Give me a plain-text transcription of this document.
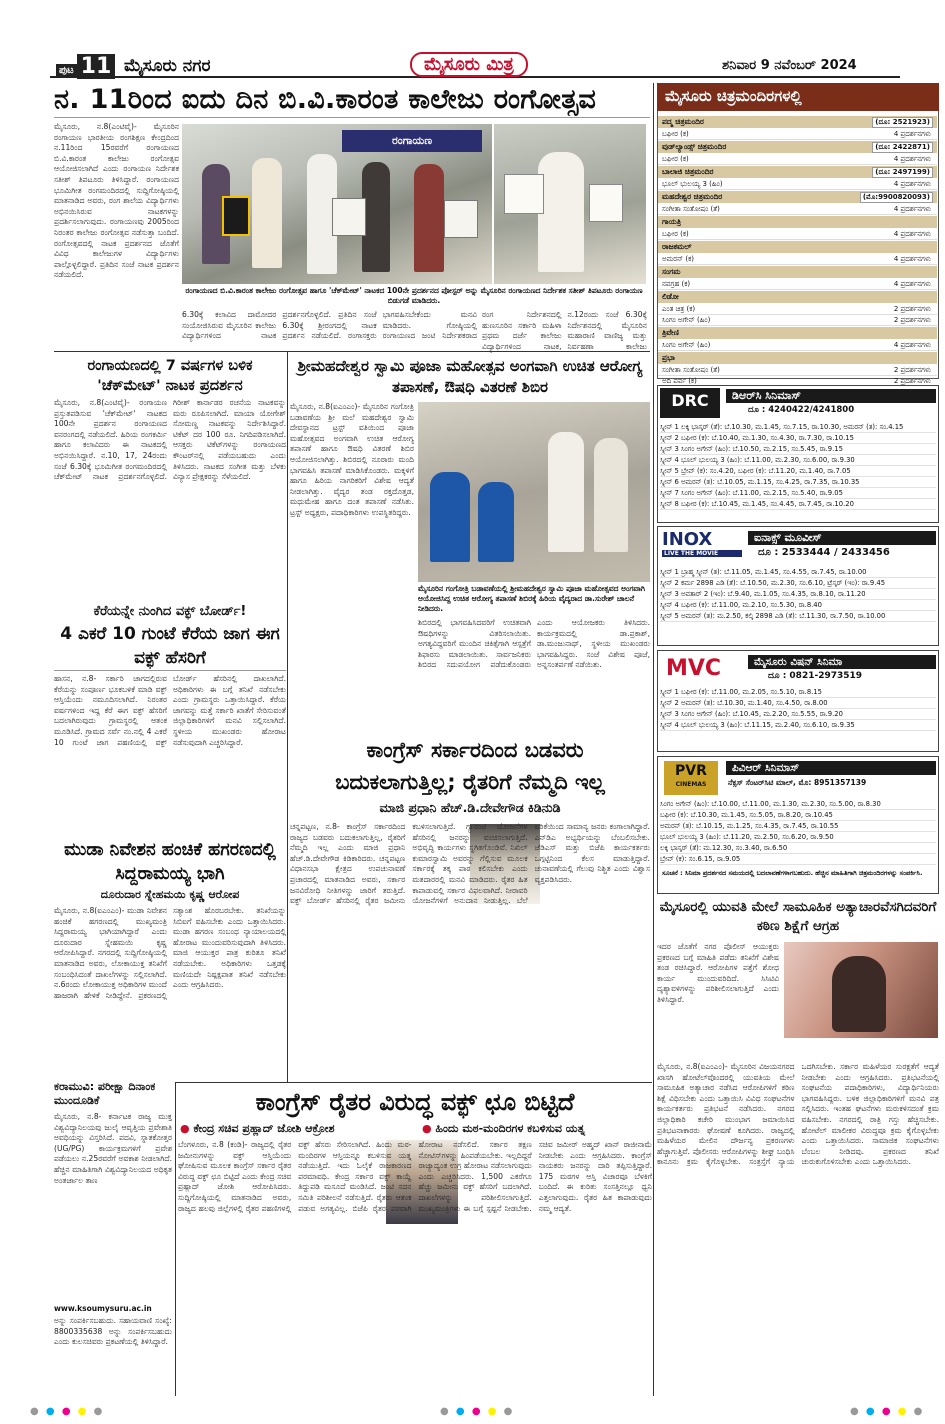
ಪುಟ 11 ಮೈಸೂರು ನಗರ	ಮೈಸೂರು ಮಿತ್ರ	ಶನಿವಾರ 9 ನವೆಂಬರ್ 2024
ನ. 11ರಿಂದ ಐದು ದಿನ ಬಿ.ವಿ.ಕಾರಂತ ಕಾಲೇಜು ರಂಗೋತ್ಸವ
ಮೈಸೂರು, ನ.8(ಎಂಟಿವೈ)- ಮೈಸೂರಿನ ರಂಗಾಯಣ ಭಾರತೀಯ ರಂಗಶಿಕ್ಷಣ ಕೇಂದ್ರದಿಂದ ನ.11ರಿಂದ 15ರವರೆಗೆ ರಂಗಾಯಣದ ಬಿ.ವಿ.ಕಾರಂತ ಕಾಲೇಜು ರಂಗೋತ್ಸವ ಆಯೋಜಿಸಲಾಗಿದೆ ಎಂದು ರಂಗಾಯಣ ನಿರ್ದೇಶಕ ಸತೀಶ್ ತಿಪಟೂರು ತಿಳಿಸಿದ್ದಾರೆ. ರಂಗಾಯಣದ ಭೂಮಿಗೀತ ರಂಗಮಂದಿರದಲ್ಲಿ ಸುದ್ದಿಗೋಷ್ಠಿಯಲ್ಲಿ ಮಾತನಾಡಿದ ಅವರು, ರಂಗ ಶಾಲೆಯ ವಿದ್ಯಾರ್ಥಿಗಳು ಅಭಿನಯಿಸಿರುವ ನಾಟಕಗಳನ್ನು ಪ್ರದರ್ಶಿಸಲಾಗುವುದು. ರಂಗಾಯಣವು 2005ರಿಂದ ನಿರಂತರ ಕಾಲೇಜು ರಂಗೋತ್ಸವ ನಡೆಸುತ್ತಾ ಬಂದಿದೆ. ರಂಗೋತ್ಸವದಲ್ಲಿ ನಾಟಕ ಪ್ರದರ್ಶನದ ಜೊತೆಗೆ ವಿವಿಧ ಕಾಲೇಜುಗಳ ವಿದ್ಯಾರ್ಥಿಗಳು ಪಾಲ್ಗೊಳ್ಳಲಿದ್ದಾರೆ. ಪ್ರತಿದಿನ ಸಂಜೆ ನಾಟಕ ಪ್ರದರ್ಶನ ನಡೆಯಲಿದೆ.
ರಂಗಾಯಣ
ರಂಗಾಯಣದ ಬಿ.ವಿ.ಕಾರಂತ ಕಾಲೇಜು ರಂಗೋತ್ಸವ ಹಾಗೂ 'ಚೆಕ್‌ಮೇಟ್' ನಾಟಕದ 100ನೇ ಪ್ರದರ್ಶನದ ಪೋಸ್ಟರ್ ಅನ್ನು ಮೈಸೂರಿನ ರಂಗಾಯಣದ ನಿರ್ದೇಶಕ ಸತೀಶ್ ತಿಪಟೂರು ರಂಗಾಯಣ ಬಿಡುಗಡೆ ಮಾಡಿದರು.
6.30ಕ್ಕೆ ಕಲಾವಿದ ದಾಮೋದರ ಸಂಯೋಜಿಸಿರುವ ಮೈಸೂರಿನ ಕಾಲೇಜು ವಿದ್ಯಾರ್ಥಿಗಳಿಂದ ನಾಟಕ ಪ್ರದರ್ಶನಗೊಳ್ಳಲಿದೆ. ಪ್ರತಿದಿನ ಸಂಜೆ 6.30ಕ್ಕೆ ಶ್ರೀರಂಗದಲ್ಲಿ ನಾಟಕ ಪ್ರದರ್ಶನ ನಡೆಯಲಿದೆ. ರಂಗಾಸಕ್ತರು ಭಾಗವಹಿಸಬೇಕೆಂದು ಮನವಿ ಮಾಡಿದರು. ಗೋಷ್ಠಿಯಲ್ಲಿ ರಂಗಾಯಣದ ಜಂಟಿ ನಿರ್ದೇಶಕರಾದ
ರಂಗ ನಿರ್ದೇಶನದಲ್ಲಿ ಹುಣಸೂರಿನ ಸರ್ಕಾರಿ ಮಹಿಳಾ ಪ್ರಥಮ ದರ್ಜೆ ಕಾಲೇಜು ವಿದ್ಯಾರ್ಥಿಗಳಿಂದ ನಾಟಕ, ನ.12ರಂದು ಸಂಜೆ 6.30ಕ್ಕೆ ನಿರ್ದೇಶನದಲ್ಲಿ ಮೈಸೂರಿನ ಮಹಾರಾಣಿ ವಾಣಿಜ್ಯ ಮತ್ತು ನಿರ್ವಹಣಾ ಕಾಲೇಜು
ರಂಗಾಯಣದಲ್ಲಿ 7 ವರ್ಷಗಳ ಬಳಿಕ 'ಚೆಕ್‌ಮೇಟ್' ನಾಟಕ ಪ್ರದರ್ಶನ
ಮೈಸೂರು, ನ.8(ಎಂಟಿವೈ)- ರಂಗಾಯಣ ಪ್ರಸ್ತುತಪಡಿಸುವ 'ಚೆಕ್‌ಮೇಟ್' ನಾಟಕದ 100ನೇ ಪ್ರದರ್ಶನ ರಂಗಾಯಣದ ವನರಂಗದಲ್ಲಿ ನಡೆಯಲಿದೆ. ಹಿರಿಯ ರಂಗಕರ್ಮಿ ಹಾಗೂ ಕಲಾವಿದರು ಈ ನಾಟಕದಲ್ಲಿ ಅಭಿನಯಿಸಿದ್ದಾರೆ. ನ.10, 17, 24ರಂದು ಸಂಜೆ 6.30ಕ್ಕೆ ಭೂಮಿಗೀತ ರಂಗಮಂದಿರದಲ್ಲಿ ಚೆಕ್‌ಮೇಟ್ ನಾಟಕ ಪ್ರದರ್ಶನಗೊಳ್ಳಲಿದೆ. ಗಿರೀಶ್ ಕಾರ್ನಾಡರ ರಚನೆಯ ನಾಟಕವನ್ನು ಮರು ರೂಪಿಸಲಾಗಿದೆ. ಮಾಯಾ ಯೋಗೇಶ್ ಸೋಮಣ್ಣ ನಾಟಕವನ್ನು ನಿರ್ದೇಶಿಸಿದ್ದಾರೆ. ಟಿಕೆಟ್ ದರ 100 ರೂ. ನಿಗದಿಪಡಿಸಲಾಗಿದೆ. ಆಸಕ್ತರು ಟಿಕೆಟ್‌ಗಳನ್ನು ರಂಗಾಯಣದ ಕೌಂಟರ್‌ನಲ್ಲಿ ಪಡೆಯಬಹುದು ಎಂದು ತಿಳಿಸಿದರು. ನಾಟಕದ ಸಂಗೀತ ಮತ್ತು ಬೆಳಕು ವಿನ್ಯಾಸ ಪ್ರೇಕ್ಷಕರನ್ನು ಸೆಳೆಯಲಿದೆ.
ಕೆರೆಯನ್ನೇ ನುಂಗಿದ ವಕ್ಫ್ ಬೋರ್ಡ್!
4 ಎಕರೆ 10 ಗುಂಟೆ ಕೆರೆಯ ಜಾಗ ಈಗ ವಕ್ಫ್ ಹೆಸರಿಗೆ
ಹಾಸನ, ನ.8- ಸರ್ಕಾರಿ ಜಾಗದಲ್ಲಿರುವ ಕೆರೆಯನ್ನು ಸಂಪೂರ್ಣ ಭೂಕಬಳಿಕೆ ಮಾಡಿ ವಕ್ಫ್ ಆಸ್ತಿಯೆಂದು ನಮೂದಿಸಲಾಗಿದೆ. ನಿರಂತರ ವರ್ಷಗಳಿಂದ ಇದ್ದ ಕೆರೆ ಈಗ ವಕ್ಫ್ ಹೆಸರಿಗೆ ಬದಲಾಗಿರುವುದು ಗ್ರಾಮಸ್ಥರಲ್ಲಿ ಆತಂಕ ಮೂಡಿಸಿದೆ. ಗ್ರಾಮದ ಸರ್ವೆ ನಂ.ನಲ್ಲಿ 4 ಎಕರೆ 10 ಗುಂಟೆ ಜಾಗ ಪಹಣಿಯಲ್ಲಿ ವಕ್ಫ್ ಬೋರ್ಡ್ ಹೆಸರಿನಲ್ಲಿ ದಾಖಲಾಗಿದೆ. ಅಧಿಕಾರಿಗಳು ಈ ಬಗ್ಗೆ ತನಿಖೆ ನಡೆಸಬೇಕು ಎಂದು ಗ್ರಾಮಸ್ಥರು ಒತ್ತಾಯಿಸಿದ್ದಾರೆ. ಕೆರೆಯ ಜಾಗವನ್ನು ಮತ್ತೆ ಸರ್ಕಾರಿ ಖಾತೆಗೆ ಸೇರಿಸುವಂತೆ ಜಿಲ್ಲಾಧಿಕಾರಿಗಳಿಗೆ ಮನವಿ ಸಲ್ಲಿಸಲಾಗಿದೆ. ಸ್ಥಳೀಯ ಮುಖಂಡರು ಹೋರಾಟ ನಡೆಸುವುದಾಗಿ ಎಚ್ಚರಿಸಿದ್ದಾರೆ.
ಮುಡಾ ನಿವೇಶನ ಹಂಚಿಕೆ ಹಗರಣದಲ್ಲಿ ಸಿದ್ದರಾಮಯ್ಯ ಭಾಗಿ
ದೂರುದಾರ ಸ್ನೇಹಮಯಿ ಕೃಷ್ಣ ಆರೋಪ
ಮೈಸೂರು, ನ.8(ಐಎಂಎಂ)- ಮುಡಾ ನಿವೇಶನ ಹಂಚಿಕೆ ಹಗರಣದಲ್ಲಿ ಮುಖ್ಯಮಂತ್ರಿ ಸಿದ್ದರಾಮಯ್ಯ ಭಾಗಿಯಾಗಿದ್ದಾರೆ ಎಂದು ದೂರುದಾರ ಸ್ನೇಹಮಯಿ ಕೃಷ್ಣ ಆರೋಪಿಸಿದ್ದಾರೆ. ನಗರದಲ್ಲಿ ಸುದ್ದಿಗೋಷ್ಠಿಯಲ್ಲಿ ಮಾತನಾಡಿದ ಅವರು, ಲೋಕಾಯುಕ್ತ ತನಿಖೆಗೆ ಸಂಬಂಧಿಸಿದಂತೆ ದಾಖಲೆಗಳನ್ನು ಸಲ್ಲಿಸಲಾಗಿದೆ. ನ.6ರಂದು ಲೋಕಾಯುಕ್ತ ಅಧಿಕಾರಿಗಳ ಮುಂದೆ ಹಾಜರಾಗಿ ಹೇಳಿಕೆ ನೀಡಿದ್ದೇನೆ. ಪ್ರಕರಣದಲ್ಲಿ ಸತ್ಯಾಂಶ ಹೊರಬರಬೇಕು. ತನಿಖೆಯನ್ನು ಸಿಬಿಐಗೆ ವಹಿಸಬೇಕು ಎಂದು ಒತ್ತಾಯಿಸಿದರು. ಮುಡಾ ಹಗರಣ ಸಂಬಂಧ ನ್ಯಾಯಾಲಯದಲ್ಲಿ ಹೋರಾಟ ಮುಂದುವರಿಸುವುದಾಗಿ ತಿಳಿಸಿದರು. ಮಾಜಿ ಆಯುಕ್ತರ ಪಾತ್ರ ಕುರಿತೂ ತನಿಖೆ ನಡೆಯಬೇಕು. ಅಧಿಕಾರಿಗಳು ಒತ್ತಡಕ್ಕೆ ಮಣಿಯದೇ ನಿಷ್ಪಕ್ಷಪಾತ ತನಿಖೆ ನಡೆಸಬೇಕು ಎಂದು ಆಗ್ರಹಿಸಿದರು.
ಕರಾಮುವಿ: ಪರೀಕ್ಷಾ ದಿನಾಂಕ ಮುಂದೂಡಿಕೆ
ಮೈಸೂರು, ನ.8- ಕರ್ನಾಟಕ ರಾಜ್ಯ ಮುಕ್ತ ವಿಶ್ವವಿದ್ಯಾನಿಲಯವು ಜುಲೈ ಆವೃತ್ತಿಯ ಪ್ರವೇಶಾತಿ ಅವಧಿಯನ್ನು ವಿಸ್ತರಿಸಿದೆ. ಪದವಿ, ಸ್ನಾತಕೋತ್ತರ (UG/PG) ಕಾರ್ಯಕ್ರಮಗಳಿಗೆ ಪ್ರವೇಶ ಪಡೆಯಲು ನ.25ರವರೆಗೆ ಅವಕಾಶ ನೀಡಲಾಗಿದೆ. ಹೆಚ್ಚಿನ ಮಾಹಿತಿಗಾಗಿ ವಿಶ್ವವಿದ್ಯಾನಿಲಯದ ಅಧಿಕೃತ ಅಂತರ್ಜಾಲ ತಾಣ
www.ksoumysuru.ac.in
ಅನ್ನು ಸಂಪರ್ಕಿಸಬಹುದು. ಸಹಾಯವಾಣಿ ಸಂಖ್ಯೆ: 8800335638 ಅನ್ನು ಸಂಪರ್ಕಿಸಬಹುದು ಎಂದು ಕುಲಸಚಿವರು ಪ್ರಕಟಣೆಯಲ್ಲಿ ತಿಳಿಸಿದ್ದಾರೆ.
ಶ್ರೀಮಹದೇಶ್ವರ ಸ್ವಾಮಿ ಪೂಜಾ ಮಹೋತ್ಸವ ಅಂಗವಾಗಿ ಉಚಿತ ಆರೋಗ್ಯ ತಪಾಸಣೆ, ಔಷಧಿ ವಿತರಣೆ ಶಿಬಿರ
ಮೈಸೂರು, ನ.8(ಐಎಂಎಂ)- ಮೈಸೂರಿನ ಗಂಗೋತ್ರಿ ಬಡಾವಣೆಯ ಶ್ರೀ ಮಲೆ ಮಹದೇಶ್ವರ ಸ್ವಾಮಿ ದೇವಸ್ಥಾನದ ಟ್ರಸ್ಟ್ ವತಿಯಿಂದ ಪೂಜಾ ಮಹೋತ್ಸವದ ಅಂಗವಾಗಿ ಉಚಿತ ಆರೋಗ್ಯ ತಪಾಸಣೆ ಹಾಗೂ ಔಷಧಿ ವಿತರಣೆ ಶಿಬಿರ ಆಯೋಜಿಸಲಾಗಿತ್ತು. ಶಿಬಿರದಲ್ಲಿ ನೂರಾರು ಮಂದಿ ಭಾಗವಹಿಸಿ ತಪಾಸಣೆ ಮಾಡಿಸಿಕೊಂಡರು. ಮಕ್ಕಳಿಗೆ ಹಾಗೂ ಹಿರಿಯ ನಾಗರಿಕರಿಗೆ ವಿಶೇಷ ಆದ್ಯತೆ ನೀಡಲಾಗಿತ್ತು. ವೈದ್ಯರ ತಂಡ ರಕ್ತದೊತ್ತಡ, ಮಧುಮೇಹ ಹಾಗೂ ದಂತ ತಪಾಸಣೆ ನಡೆಸಿತು. ಟ್ರಸ್ಟ್ ಅಧ್ಯಕ್ಷರು, ಪದಾಧಿಕಾರಿಗಳು ಉಪಸ್ಥಿತರಿದ್ದರು.
ಮೈಸೂರಿನ ಗಂಗೋತ್ರಿ ಬಡಾವಣೆಯಲ್ಲಿ ಶ್ರೀಮಹದೇಶ್ವರ ಸ್ವಾಮಿ ಪೂಜಾ ಮಹೋತ್ಸವದ ಅಂಗವಾಗಿ ಆಯೋಜಿಸಿದ್ದ ಉಚಿತ ಆರೋಗ್ಯ ತಪಾಸಣೆ ಶಿಬಿರಕ್ಕೆ ಹಿರಿಯ ವೈದ್ಯರಾದ ಡಾ.ಸುರೇಶ್ ಚಾಲನೆ ನೀಡಿದರು.
ಶಿಬಿರದಲ್ಲಿ ಭಾಗವಹಿಸಿದವರಿಗೆ ಉಚಿತವಾಗಿ ಔಷಧಿಗಳನ್ನು ವಿತರಿಸಲಾಯಿತು. ಅಗತ್ಯವಿದ್ದವರಿಗೆ ಮುಂದಿನ ಚಿಕಿತ್ಸೆಗಾಗಿ ಆಸ್ಪತ್ರೆಗೆ ಶಿಫಾರಸು ಮಾಡಲಾಯಿತು. ಸಾರ್ವಜನಿಕರು ಶಿಬಿರದ ಸದುಪಯೋಗ ಪಡೆದುಕೊಂಡರು ಎಂದು ಆಯೋಜಕರು ತಿಳಿಸಿದರು. ಕಾರ್ಯಕ್ರಮದಲ್ಲಿ ಡಾ.ಪ್ರಕಾಶ್, ಡಾ.ಮಂಜುನಾಥ್, ಸ್ಥಳೀಯ ಮುಖಂಡರು ಭಾಗವಹಿಸಿದ್ದರು. ಸಂಜೆ ವಿಶೇಷ ಪೂಜೆ, ಅನ್ನಸಂತರ್ಪಣೆ ನಡೆಯಿತು.
ಕಾಂಗ್ರೆಸ್ ಸರ್ಕಾರದಿಂದ ಬಡವರು
ಬದುಕಲಾಗುತ್ತಿಲ್ಲ; ರೈತರಿಗೆ ನೆಮ್ಮದಿ ಇಲ್ಲ
ಮಾಜಿ ಪ್ರಧಾನಿ ಹೆಚ್.ಡಿ.ದೇವೇಗೌಡ ಕಿಡಿನುಡಿ
ಚನ್ನಪಟ್ಟಣ, ನ.8- ಕಾಂಗ್ರೆಸ್ ಸರ್ಕಾರದಿಂದ ರಾಜ್ಯದ ಬಡವರು ಬದುಕಲಾಗುತ್ತಿಲ್ಲ, ರೈತರಿಗೆ ನೆಮ್ಮದಿ ಇಲ್ಲ ಎಂದು ಮಾಜಿ ಪ್ರಧಾನಿ ಹೆಚ್.ಡಿ.ದೇವೇಗೌಡ ಕಿಡಿಕಾರಿದರು. ಚನ್ನಪಟ್ಟಣ ವಿಧಾನಸಭಾ ಕ್ಷೇತ್ರದ ಉಪಚುನಾವಣೆ ಪ್ರಚಾರದಲ್ಲಿ ಮಾತನಾಡಿದ ಅವರು, ಸರ್ಕಾರ ಜನವಿರೋಧಿ ನೀತಿಗಳನ್ನು ಜಾರಿಗೆ ತರುತ್ತಿದೆ. ವಕ್ಫ್ ಬೋರ್ಡ್ ಹೆಸರಿನಲ್ಲಿ ರೈತರ ಜಮೀನು ಕಬಳಿಸಲಾಗುತ್ತಿದೆ. ಗ್ಯಾರಂಟಿ ಯೋಜನೆಗಳ ಹೆಸರಿನಲ್ಲಿ ಜನರನ್ನು ವಂಚಿಸಲಾಗುತ್ತಿದೆ. ಅಭಿವೃದ್ಧಿ ಕಾರ್ಯಗಳು ಸ್ಥಗಿತಗೊಂಡಿವೆ. ನಿಖಿಲ್ ಕುಮಾರಸ್ವಾಮಿ ಅವರನ್ನು ಗೆಲ್ಲಿಸುವ ಮೂಲಕ ಸರ್ಕಾರಕ್ಕೆ ತಕ್ಕ ಪಾಠ ಕಲಿಸಬೇಕು ಎಂದು ಮತದಾರರಲ್ಲಿ ಮನವಿ ಮಾಡಿದರು. ರೈತರ ಹಿತ ಕಾಪಾಡುವಲ್ಲಿ ಸರ್ಕಾರ ವಿಫಲವಾಗಿದೆ. ನೀರಾವರಿ ಯೋಜನೆಗಳಿಗೆ ಅನುದಾನ ನೀಡುತ್ತಿಲ್ಲ. ಬೆಲೆ ಏರಿಕೆಯಿಂದ ಸಾಮಾನ್ಯ ಜನರು ಕಂಗಾಲಾಗಿದ್ದಾರೆ. ಎನ್‌ಡಿಎ ಅಭ್ಯರ್ಥಿಯನ್ನು ಬೆಂಬಲಿಸಬೇಕು. ಜೆಡಿಎಸ್ ಮತ್ತು ಬಿಜೆಪಿ ಕಾರ್ಯಕರ್ತರು ಒಗ್ಗಟ್ಟಿನಿಂದ ಕೆಲಸ ಮಾಡುತ್ತಿದ್ದಾರೆ. ಚುನಾವಣೆಯಲ್ಲಿ ಗೆಲುವು ನಿಶ್ಚಿತ ಎಂದು ವಿಶ್ವಾಸ ವ್ಯಕ್ತಪಡಿಸಿದರು.
ಕಾಂಗ್ರೆಸ್ ರೈತರ ವಿರುದ್ಧ ವಕ್ಫ್ ಛೂ ಬಿಟ್ಟಿದೆ
● ಕೇಂದ್ರ ಸಚಿವ ಪ್ರಹ್ಲಾದ್ ಜೋಶಿ ಆಕ್ರೋಶ	● ಹಿಂದು ಮಠ-ಮಂದಿರಗಳ ಕಬಳಿಸುವ ಯತ್ನ
ಬೆಂಗಳೂರು, ನ.8 (ಕಂಡಿ)- ರಾಜ್ಯದಲ್ಲಿ ರೈತರ ಜಮೀನುಗಳನ್ನು ವಕ್ಫ್ ಆಸ್ತಿಯೆಂದು ಘೋಷಿಸುವ ಮೂಲಕ ಕಾಂಗ್ರೆಸ್ ಸರ್ಕಾರ ರೈತರ ವಿರುದ್ಧ ವಕ್ಫ್ ಛೂ ಬಿಟ್ಟಿದೆ ಎಂದು ಕೇಂದ್ರ ಸಚಿವ ಪ್ರಹ್ಲಾದ್ ಜೋಶಿ ಆರೋಪಿಸಿದರು. ಸುದ್ದಿಗೋಷ್ಠಿಯಲ್ಲಿ ಮಾತನಾಡಿದ ಅವರು, ರಾಜ್ಯದ ಹಲವು ಜಿಲ್ಲೆಗಳಲ್ಲಿ ರೈತರ ಪಹಣಿಗಳಲ್ಲಿ ವಕ್ಫ್ ಹೆಸರು ಸೇರಿಸಲಾಗಿದೆ. ಹಿಂದು ಮಠ-ಮಂದಿರಗಳ ಆಸ್ತಿಯನ್ನೂ ಕಬಳಿಸುವ ಯತ್ನ ನಡೆಯುತ್ತಿದೆ. ಇದು ಓಲೈಕೆ ರಾಜಕಾರಣದ ಪರಮಾವಧಿ. ಕೇಂದ್ರ ಸರ್ಕಾರ ವಕ್ಫ್ ಕಾಯ್ದೆ ತಿದ್ದುಪಡಿ ಮಸೂದೆ ಮಂಡಿಸಿದೆ. ಜಂಟಿ ಸದನ ಸಮಿತಿ ಪರಿಶೀಲನೆ ನಡೆಸುತ್ತಿದೆ. ರೈತರು ಆತಂಕ ಪಡುವ ಅಗತ್ಯವಿಲ್ಲ. ಬಿಜೆಪಿ ರೈತರ ಪರವಾಗಿ ಹೋರಾಟ ನಡೆಸಲಿದೆ. ಸರ್ಕಾರ ತಕ್ಷಣ ನೋಟಿಸ್‌ಗಳನ್ನು ಹಿಂಪಡೆಯಬೇಕು. ಇಲ್ಲದಿದ್ದರೆ ರಾಜ್ಯಾದ್ಯಂತ ಉಗ್ರ ಹೋರಾಟ ನಡೆಸಲಾಗುವುದು ಎಂದು ಎಚ್ಚರಿಸಿದರು. 1,500 ಎಕರೆಗೂ ಹೆಚ್ಚು ಜಮೀನು ವಕ್ಫ್ ಹೆಸರಿಗೆ ಬದಲಾಗಿದೆ. ದಾಖಲೆಗಳನ್ನು ಪರಿಶೀಲಿಸಲಾಗುತ್ತಿದೆ. ಮುಖ್ಯಮಂತ್ರಿಗಳು ಈ ಬಗ್ಗೆ ಸ್ಪಷ್ಟನೆ ನೀಡಬೇಕು. ಸಚಿವ ಜಮೀರ್ ಅಹ್ಮದ್ ಖಾನ್ ರಾಜೀನಾಮೆ ನೀಡಬೇಕು ಎಂದು ಆಗ್ರಹಿಸಿದರು. ಕಾಂಗ್ರೆಸ್ ನಾಯಕರು ಜನರನ್ನು ದಾರಿ ತಪ್ಪಿಸುತ್ತಿದ್ದಾರೆ. 175 ಮಠಗಳ ಆಸ್ತಿ ವಿಚಾರವೂ ಬೆಳಕಿಗೆ ಬಂದಿದೆ. ಈ ಕುರಿತು ಸಂಸತ್ತಿನಲ್ಲೂ ಧ್ವನಿ ಎತ್ತಲಾಗುವುದು. ರೈತರ ಹಿತ ಕಾಪಾಡುವುದು ನಮ್ಮ ಆದ್ಯತೆ.
ಮೈಸೂರು ಚಿತ್ರಮಂದಿರಗಳಲ್ಲಿ
ಪದ್ಮ ಚಿತ್ರಮಂದಿರ	(ದೂ: 2521923)
ಬಘೀರ (ಕ)	4 ಪ್ರದರ್ಶನಗಳು
ವುಡ್‌ಲ್ಯಾಂಡ್ಸ್ ಚಿತ್ರಮಂದಿರ	(ದೂ: 2422871)
ಬಘೀರ (ಕ)	4 ಪ್ರದರ್ಶನಗಳು
ಬಾಲಾಜಿ ಚಿತ್ರಮಂದಿರ	(ದೂ: 2497199)
ಭೂಲ್ ಭುಲಯ್ಯ 3 (ಹಿಂ)	4 ಪ್ರದರ್ಶನಗಳು
ಮಹದೇಶ್ವರ ಚಿತ್ರಮಂದಿರ	(ಮೊ:9900820093)
ಸಂಗೀತಾ ಸಂತೋಷಂ (ತೆ)	4 ಪ್ರದರ್ಶನಗಳು
ಗಾಯತ್ರಿ
ಬಘೀರ (ಕ)	4 ಪ್ರದರ್ಶನಗಳು
ರಾಜಕಮಲ್
ಅಮರನ್ (ಕ)	4 ಪ್ರದರ್ಶನಗಳು
ಸಂಗಮ
ನವಗ್ರಹ (ಕ)	4 ಪ್ರದರ್ಶನಗಳು
ಲಿಡೋ
ಎಂತ ಚಿತ್ರ (ಕ)	2 ಪ್ರದರ್ಶನಗಳು
ಸಿಂಗಂ ಅಗೇನ್ (ಹಿಂ)	2 ಪ್ರದರ್ಶನಗಳು
ತ್ರಿವೇಣಿ
ಸಿಂಗಂ ಅಗೇನ್ (ಹಿಂ)	4 ಪ್ರದರ್ಶನಗಳು
ಪ್ರಭಾ
ಸಂಗೀತಾ ಸಂತೋಷಂ (ತೆ)	2 ಪ್ರದರ್ಶನಗಳು
ಅದಿ ಪರ್ವ (ಕ)	2 ಪ್ರದರ್ಶನಗಳು
DRC	ಡಿಆರ್‌ಸಿ ಸಿನಿಮಾಸ್
ದೂ : 4240422/4241800
ಸ್ಕ್ರೀನ್ 1 ಲಕ್ಕಿ ಭಾಸ್ಕರ್ (ತೆ): ಬೆ.10.30, ಮ.1.45, ಸಂ.7.15, ರಾ.10.30, ಅಮರನ್ (ತ): ಸಂ.4.15
ಸ್ಕ್ರೀನ್ 2 ಬಘೀರ (ಕ): ಬೆ.10.40, ಮ.1.30, ಸಂ.4.30, ರಾ.7.30, ರಾ.10.15
ಸ್ಕ್ರೀನ್ 3 ಸಿಂಗಂ ಅಗೇನ್ (ಹಿಂ): ಬೆ.10.50, ಮ.2.15, ಸಂ.5.45, ರಾ.9.15
ಸ್ಕ್ರೀನ್ 4 ಭೂಲ್ ಭುಲಯ್ಯ 3 (ಹಿಂ): ಬೆ.11.00, ಮ.2.30, ಸಂ.6.00, ರಾ.9.30
ಸ್ಕ್ರೀನ್ 5 ಬ್ರೇವ್ (ಕ): ಸಂ.4.20, ಬಘೀರ (ಕ): ಬೆ.11.20, ಮ.1.40, ರಾ.7.05
ಸ್ಕ್ರೀನ್ 6 ಅಮರನ್ (ತ): ಬೆ.10.05, ಮ.1.15, ಸಂ.4.25, ರಾ.7.35, ರಾ.10.35
ಸ್ಕ್ರೀನ್ 7 ಸಿಂಗಂ ಅಗೇನ್ (ಹಿಂ): ಬೆ.11.00, ಮ.2.15, ಸಂ.5.40, ರಾ.9.05
ಸ್ಕ್ರೀನ್ 8 ಬಘೀರ (ಕ): ಬೆ.10.45, ಮ.1.45, ಸಂ.4.45, ರಾ.7.45, ರಾ.10.20
INOX
LIVE THE MOVIE
ಐನಾಕ್ಸ್ ಮೂವೀಸ್
ದೂ : 2533444 / 2433456
ಸ್ಕ್ರೀನ್ 1 ಬ್ರಾಹ್ಮ ಸ್ಕ್ರೀನ್ (ತ): ಬೆ.11.05, ಮ.1.45, ಸಂ.4.55, ರಾ.7.45, ರಾ.10.00
ಸ್ಕ್ರೀನ್ 2 ಕರ್ಮ 2898 ಎಡಿ (ತೆ): ಬೆ.10.50, ಮ.2.30, ಸಂ.6.10, ಟ್ರೆಸ್ಕರ್ (ಇಂ): ರಾ.9.45
ಸ್ಕ್ರೀನ್ 3 ಅವತಾರ್ 2 (ಇಂ): ಬೆ.9.40, ಮ.1.05, ಸಂ.4.35, ರಾ.8.10, ರಾ.11.20
ಸ್ಕ್ರೀನ್ 4 ಬಘೀರ (ಕ): ಬೆ.11.00, ಮ.2.10, ಸಂ.5.30, ರಾ.8.40
ಸ್ಕ್ರೀನ್ 5 ಅಮರನ್ (ತ): ಮ.2.50, ಕಲ್ಕಿ 2898 ಎಡಿ (ತೆ): ಬೆ.11.30, ರಾ.7.50, ರಾ.10.00
MVC	ಮೈಸೂರು ವಿಷನ್ ಸಿನಿಮಾ
ದೂ : 0821-2973519
ಸ್ಕ್ರೀನ್ 1 ಬಘೀರ (ಕ): ಬೆ.11.00, ಮ.2.05, ಸಂ.5.10, ರಾ.8.15
ಸ್ಕ್ರೀನ್ 2 ಅಮರನ್ (ತ): ಬೆ.10.30, ಮ.1.40, ಸಂ.4.50, ರಾ.8.00
ಸ್ಕ್ರೀನ್ 3 ಸಿಂಗಂ ಅಗೇನ್ (ಹಿಂ): ಬೆ.10.45, ಮ.2.20, ಸಂ.5.55, ರಾ.9.20
ಸ್ಕ್ರೀನ್ 4 ಭೂಲ್ ಭುಲಯ್ಯ 3 (ಹಿಂ): ಬೆ.11.15, ಮ.2.40, ಸಂ.6.10, ರಾ.9.35
PVR
CINEMAS
ಪಿವಿಆರ್ ಸಿನಿಮಾಸ್
ನೆಕ್ಸಸ್ ಸೆಂಟರ್‌ಸಿಟಿ ಮಾಲ್, ಮೊ: 8951357139
ಸಿಂಗಂ ಅಗೇನ್ (ಹಿಂ): ಬೆ.10.00, ಬೆ.11.00, ಮ.1.30, ಮ.2.30, ಸಂ.5.00, ರಾ.8.30
ಬಘೀರ (ಕ): ಬೆ.10.30, ಮ.1.45, ಸಂ.5.05, ರಾ.8.20, ರಾ.10.45
ಅಮರನ್ (ತ): ಬೆ.10.15, ಮ.1.25, ಸಂ.4.35, ರಾ.7.45, ರಾ.10.55
ಭೂಲ್ ಭುಲಯ್ಯ 3 (ಹಿಂ): ಬೆ.11.20, ಮ.2.50, ಸಂ.6.20, ರಾ.9.50
ಲಕ್ಕಿ ಭಾಸ್ಕರ್ (ತೆ): ಮ.12.30, ಸಂ.3.40, ರಾ.6.50
ಬ್ರೇವ್ (ಕ): ಸಂ.6.15, ರಾ.9.05
ಸೂಚನೆ : ಸಿನಿಮಾ ಪ್ರದರ್ಶನದ ಸಮಯದಲ್ಲಿ ಬದಲಾವಣೆಗಳಾಗಬಹುದು. ಹೆಚ್ಚಿನ ಮಾಹಿತಿಗಾಗಿ ಚಿತ್ರಮಂದಿರಗಳನ್ನು ಸಂಪರ್ಕಿಸಿ.
ಮೈಸೂರಲ್ಲಿ ಯುವತಿ ಮೇಲೆ ಸಾಮೂಹಿಕ ಅತ್ಯಾಚಾರವೆಸಗಿದವರಿಗೆ ಕಠಿಣ ಶಿಕ್ಷೆಗೆ ಆಗ್ರಹ
ಇದರ ಜೊತೆಗೆ ನಗರ ಪೊಲೀಸ್ ಆಯುಕ್ತರು ಪ್ರಕರಣದ ಬಗ್ಗೆ ಮಾಹಿತಿ ಪಡೆದು ತನಿಖೆಗೆ ವಿಶೇಷ ತಂಡ ರಚಿಸಿದ್ದಾರೆ. ಆರೋಪಿಗಳ ಪತ್ತೆಗೆ ಶೋಧ ಕಾರ್ಯ ಮುಂದುವರಿದಿದೆ. ಸಿಸಿಟಿವಿ ದೃಶ್ಯಾವಳಿಗಳನ್ನು ಪರಿಶೀಲಿಸಲಾಗುತ್ತಿದೆ ಎಂದು ತಿಳಿಸಿದ್ದಾರೆ.
ಮೈಸೂರು, ನ.8(ಐಎಂಎಂ)- ಮೈಸೂರಿನ ವಿಜಯನಗರದ ಖಾಸಗಿ ಹೋಟೆಲ್‌ವೊಂದರಲ್ಲಿ ಯುವತಿಯ ಮೇಲೆ ಸಾಮೂಹಿಕ ಅತ್ಯಾಚಾರ ನಡೆಸಿದ ಆರೋಪಿಗಳಿಗೆ ಕಠಿಣ ಶಿಕ್ಷೆ ವಿಧಿಸಬೇಕು ಎಂದು ಒತ್ತಾಯಿಸಿ ವಿವಿಧ ಸಂಘಟನೆಗಳ ಕಾರ್ಯಕರ್ತರು ಪ್ರತಿಭಟನೆ ನಡೆಸಿದರು. ನಗರದ ಜಿಲ್ಲಾಧಿಕಾರಿ ಕಚೇರಿ ಮುಂಭಾಗ ಜಮಾಯಿಸಿದ ಪ್ರತಿಭಟನಾಕಾರರು ಘೋಷಣೆ ಕೂಗಿದರು. ರಾಜ್ಯದಲ್ಲಿ ಮಹಿಳೆಯರ ಮೇಲಿನ ದೌರ್ಜನ್ಯ ಪ್ರಕರಣಗಳು ಹೆಚ್ಚಾಗುತ್ತಿವೆ. ಪೊಲೀಸರು ಆರೋಪಿಗಳನ್ನು ಶೀಘ್ರ ಬಂಧಿಸಿ ಕಾನೂನು ಕ್ರಮ ಕೈಗೊಳ್ಳಬೇಕು. ಸಂತ್ರಸ್ತೆಗೆ ನ್ಯಾಯ ಒದಗಿಸಬೇಕು. ಸರ್ಕಾರ ಮಹಿಳೆಯರ ಸುರಕ್ಷತೆಗೆ ಆದ್ಯತೆ ನೀಡಬೇಕು ಎಂದು ಆಗ್ರಹಿಸಿದರು. ಪ್ರತಿಭಟನೆಯಲ್ಲಿ ಸಂಘಟನೆಯ ಪದಾಧಿಕಾರಿಗಳು, ವಿದ್ಯಾರ್ಥಿನಿಯರು ಭಾಗವಹಿಸಿದ್ದರು. ಬಳಿಕ ಜಿಲ್ಲಾಧಿಕಾರಿಗಳಿಗೆ ಮನವಿ ಪತ್ರ ಸಲ್ಲಿಸಿದರು. ಇಂತಹ ಘಟನೆಗಳು ಮರುಕಳಿಸದಂತೆ ಕ್ರಮ ವಹಿಸಬೇಕು. ನಗರದಲ್ಲಿ ರಾತ್ರಿ ಗಸ್ತು ಹೆಚ್ಚಿಸಬೇಕು. ಹೋಟೆಲ್ ಮಾಲೀಕರ ವಿರುದ್ಧವೂ ಕ್ರಮ ಕೈಗೊಳ್ಳಬೇಕು ಎಂದು ಒತ್ತಾಯಿಸಿದರು. ಸಾಮಾಜಿಕ ಸಂಘಟನೆಗಳು ಬೆಂಬಲ ನೀಡಿದವು. ಪ್ರಕರಣದ ತನಿಖೆ ಚುರುಕುಗೊಳಿಸಬೇಕು ಎಂದು ಒತ್ತಾಯಿಸಿದರು.
● ● ● ● ●	● ● ● ● ●	● ● ● ● ●
